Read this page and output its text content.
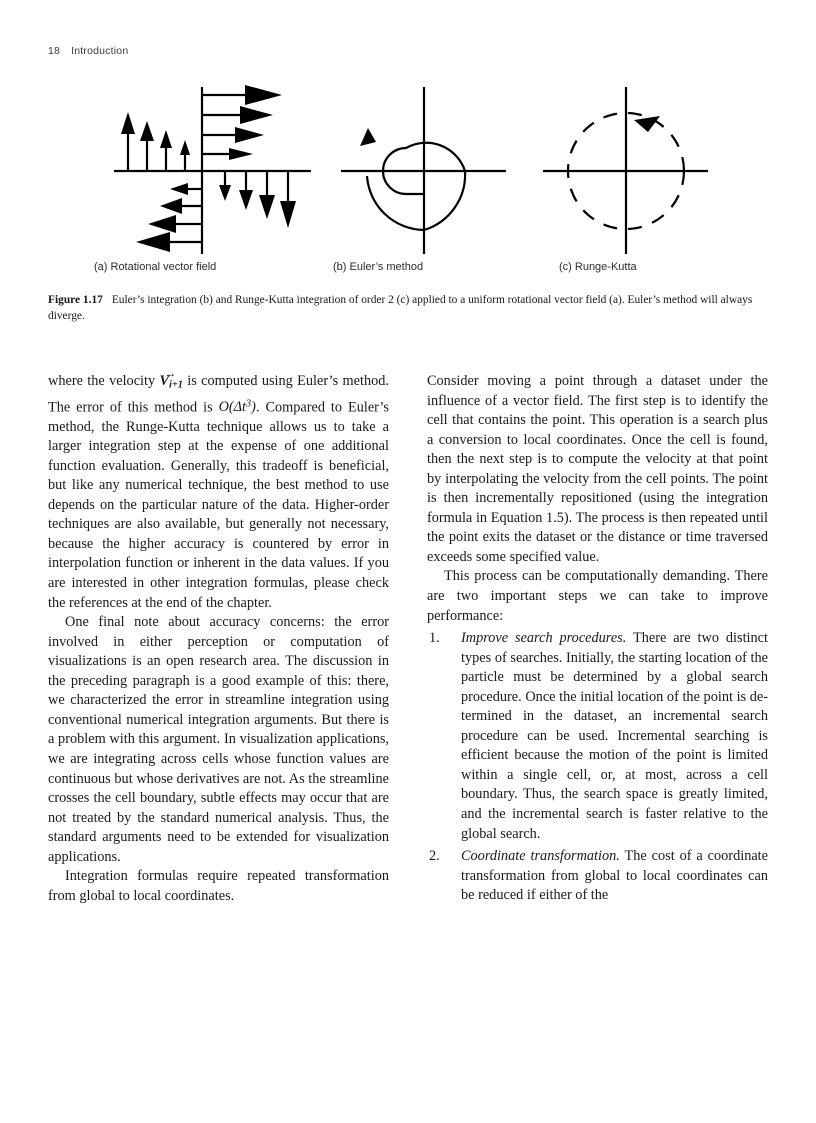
18 Introduction
(a) Rotational vector field	(b) Euler’s method	(c) Runge-Kutta
Figure 1.17 Euler’s integration (b) and Runge-Kutta integration of order 2 (c) applied to a uniform rotational vector field (a). Euler’s method will always diverge.

where the velocity →
$V_{i+1}$ is computed using Euler’s method. The error of this method is $O(\Delta t^3)$. Compared to Euler’s method, the Runge-Kutta technique allows us to take a larger integration step at the expense of one additional function evaluation. Generally, this tradeoff is beneficial, but like any numerical technique, the best method to use depends on the particular nature of the data. Higher-order techniques are also available, but generally not necessary, because the higher accuracy is countered by error in interpolation function or inherent in the data values. If you are interested in other integration formulas, please check the references at the end of the chapter.

One final note about accuracy concerns: the error involved in either perception or computation of visualizations is an open research area. The discussion in the preceding paragraph is a good example of this: there, we characterized the error in streamline integration using conventional numerical integration arguments. But there is a problem with this argument. In visualization applications, we are integrating across cells whose function values are continuous but whose derivatives are not. As the streamline crosses the cell boundary, subtle effects may occur that are not treated by the standard numerical analysis. Thus, the standard arguments need to be extended for visualization applications.

Integration formulas require repeated transformation from global to local coordinates.

Consider moving a point through a dataset under the influence of a vector field. The first step is to identify the cell that contains the point. This operation is a search plus a conversion to local coordinates. Once the cell is found, then the next step is to compute the velocity at that point by interpolating the velocity from the cell points. The point is then incrementally repositioned (using the integration formula in Equation 1.5). The process is then repeated until the point exits the dataset or the distance or time traversed exceeds some specified value.

This process can be computationally demanding. There are two important steps we can take to improve performance:

1.	Improve search procedures. There are two distinct types of searches. Initially, the starting location of the particle must be determined by a global search procedure. Once the initial location of the point is determined in the dataset, an incremental search procedure can be used. Incremental searching is efficient because the motion of the point is limited within a single cell, or, at most, across a cell boundary. Thus, the search space is greatly limited, and the incremental search is faster relative to the global search.
2.	Coordinate transformation. The cost of a coordinate transformation from global to local coordinates can be reduced if either of the
